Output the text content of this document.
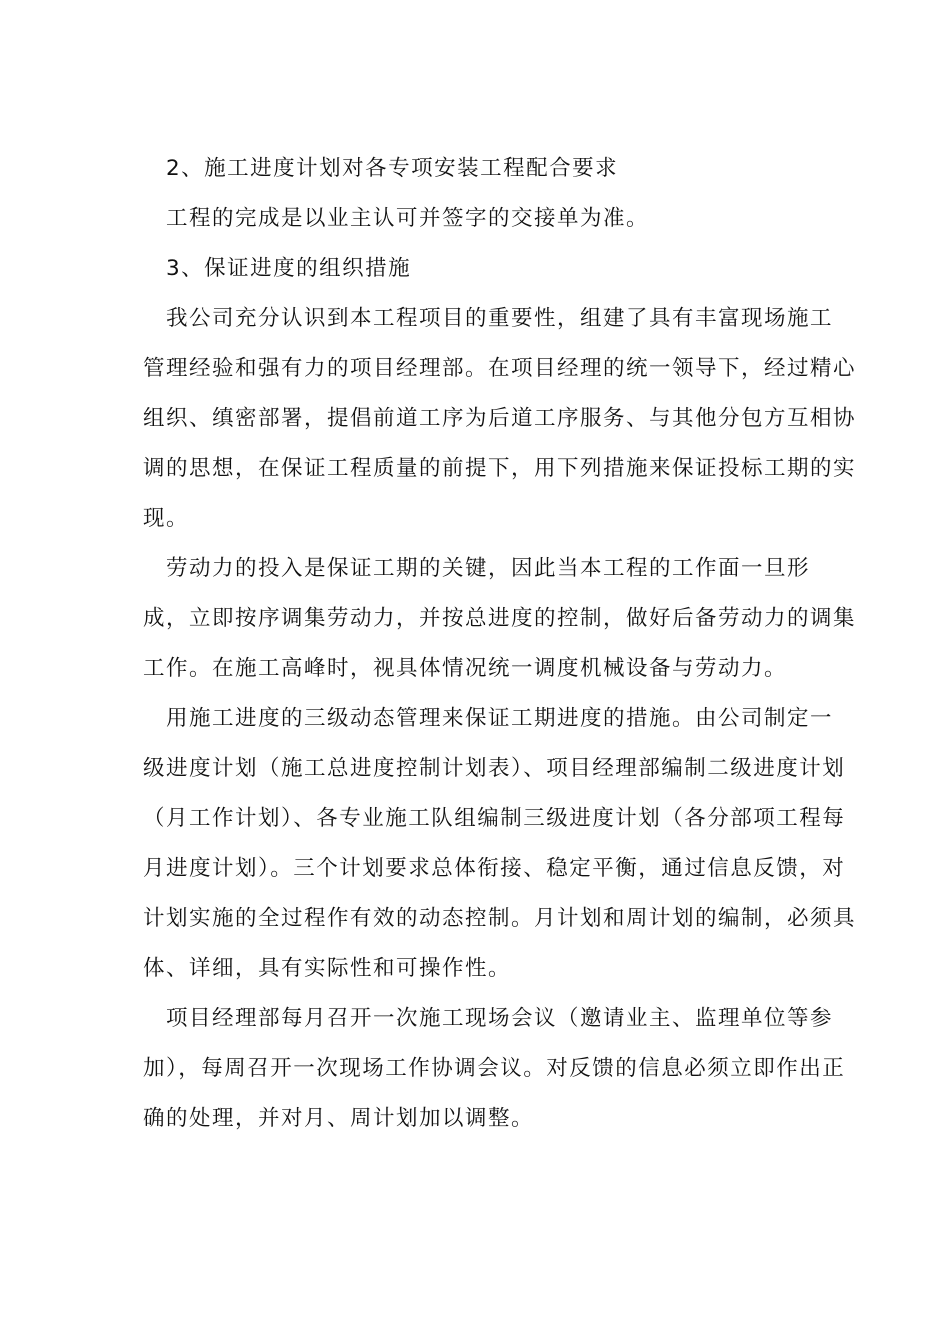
　2、施工进度计划对各专项安装工程配合要求
　工程的完成是以业主认可并签字的交接单为准。
　3、保证进度的组织措施
　我公司充分认识到本工程项目的重要性，组建了具有丰富现场施工
管理经验和强有力的项目经理部。在项目经理的统一领导下，经过精心
组织、缜密部署，提倡前道工序为后道工序服务、与其他分包方互相协
调的思想，在保证工程质量的前提下，用下列措施来保证投标工期的实
现。
　劳动力的投入是保证工期的关键，因此当本工程的工作面一旦形
成，立即按序调集劳动力，并按总进度的控制，做好后备劳动力的调集
工作。在施工高峰时，视具体情况统一调度机械设备与劳动力。
　用施工进度的三级动态管理来保证工期进度的措施。由公司制定一
级进度计划（施工总进度控制计划表）、项目经理部编制二级进度计划
（月工作计划）、各专业施工队组编制三级进度计划（各分部项工程每
月进度计划）。三个计划要求总体衔接、稳定平衡，通过信息反馈，对
计划实施的全过程作有效的动态控制。月计划和周计划的编制，必须具
体、详细，具有实际性和可操作性。
　项目经理部每月召开一次施工现场会议（邀请业主、监理单位等参
加），每周召开一次现场工作协调会议。对反馈的信息必须立即作出正
确的处理，并对月、周计划加以调整。
